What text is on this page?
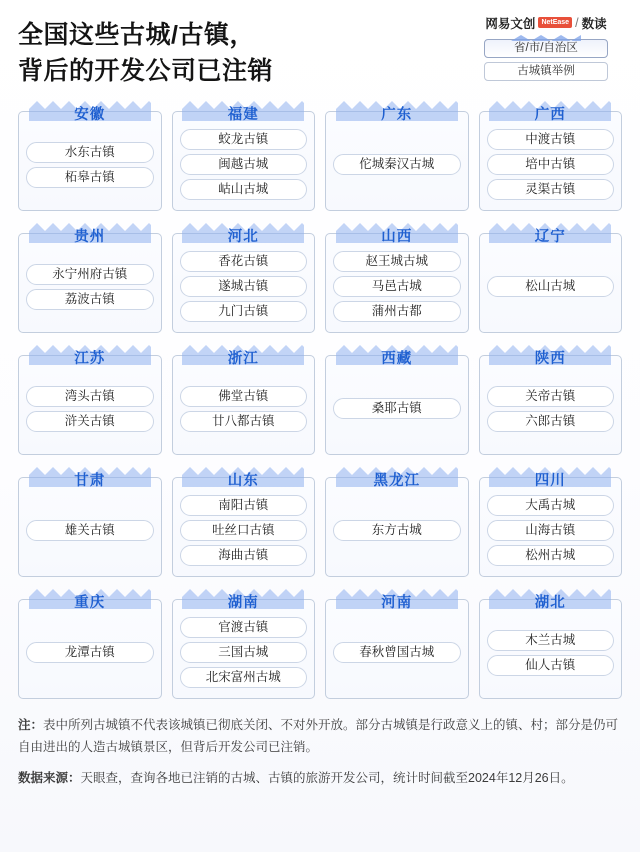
全国这些古城/古镇，
背后的开发公司已注销
网易文创 NetEase / 数读
省/市/自治区
古城镇举例
安徽
水东古镇
柘皋古镇
福建
蛟龙古镇
闽越古城
岵山古城
广东
佗城秦汉古城
广西
中渡古镇
培中古镇
灵渠古镇
贵州
永宁州府古镇
荔波古镇
河北
香花古镇
遂城古镇
九门古镇
山西
赵王城古城
马邑古城
蒲州古都
辽宁
松山古城
江苏
湾头古镇
浒关古镇
浙江
佛堂古镇
廿八都古镇
西藏
桑耶古镇
陕西
关帝古镇
六郎古镇
甘肃
雄关古镇
山东
南阳古镇
吐丝口古镇
海曲古镇
黑龙江
东方古城
四川
大禹古城
山海古镇
松州古城
重庆
龙潭古镇
湖南
官渡古镇
三国古城
北宋富州古城
河南
春秋曾国古城
湖北
木兰古城
仙人古镇
注：表中所列古城镇不代表该城镇已彻底关闭、不对外开放。部分古城镇是行政意义上的镇、村；部分是仍可自由进出的人造古城镇景区，但背后开发公司已注销。
数据来源：天眼查，查询各地已注销的古城、古镇的旅游开发公司，统计时间截至2024年12月26日。
